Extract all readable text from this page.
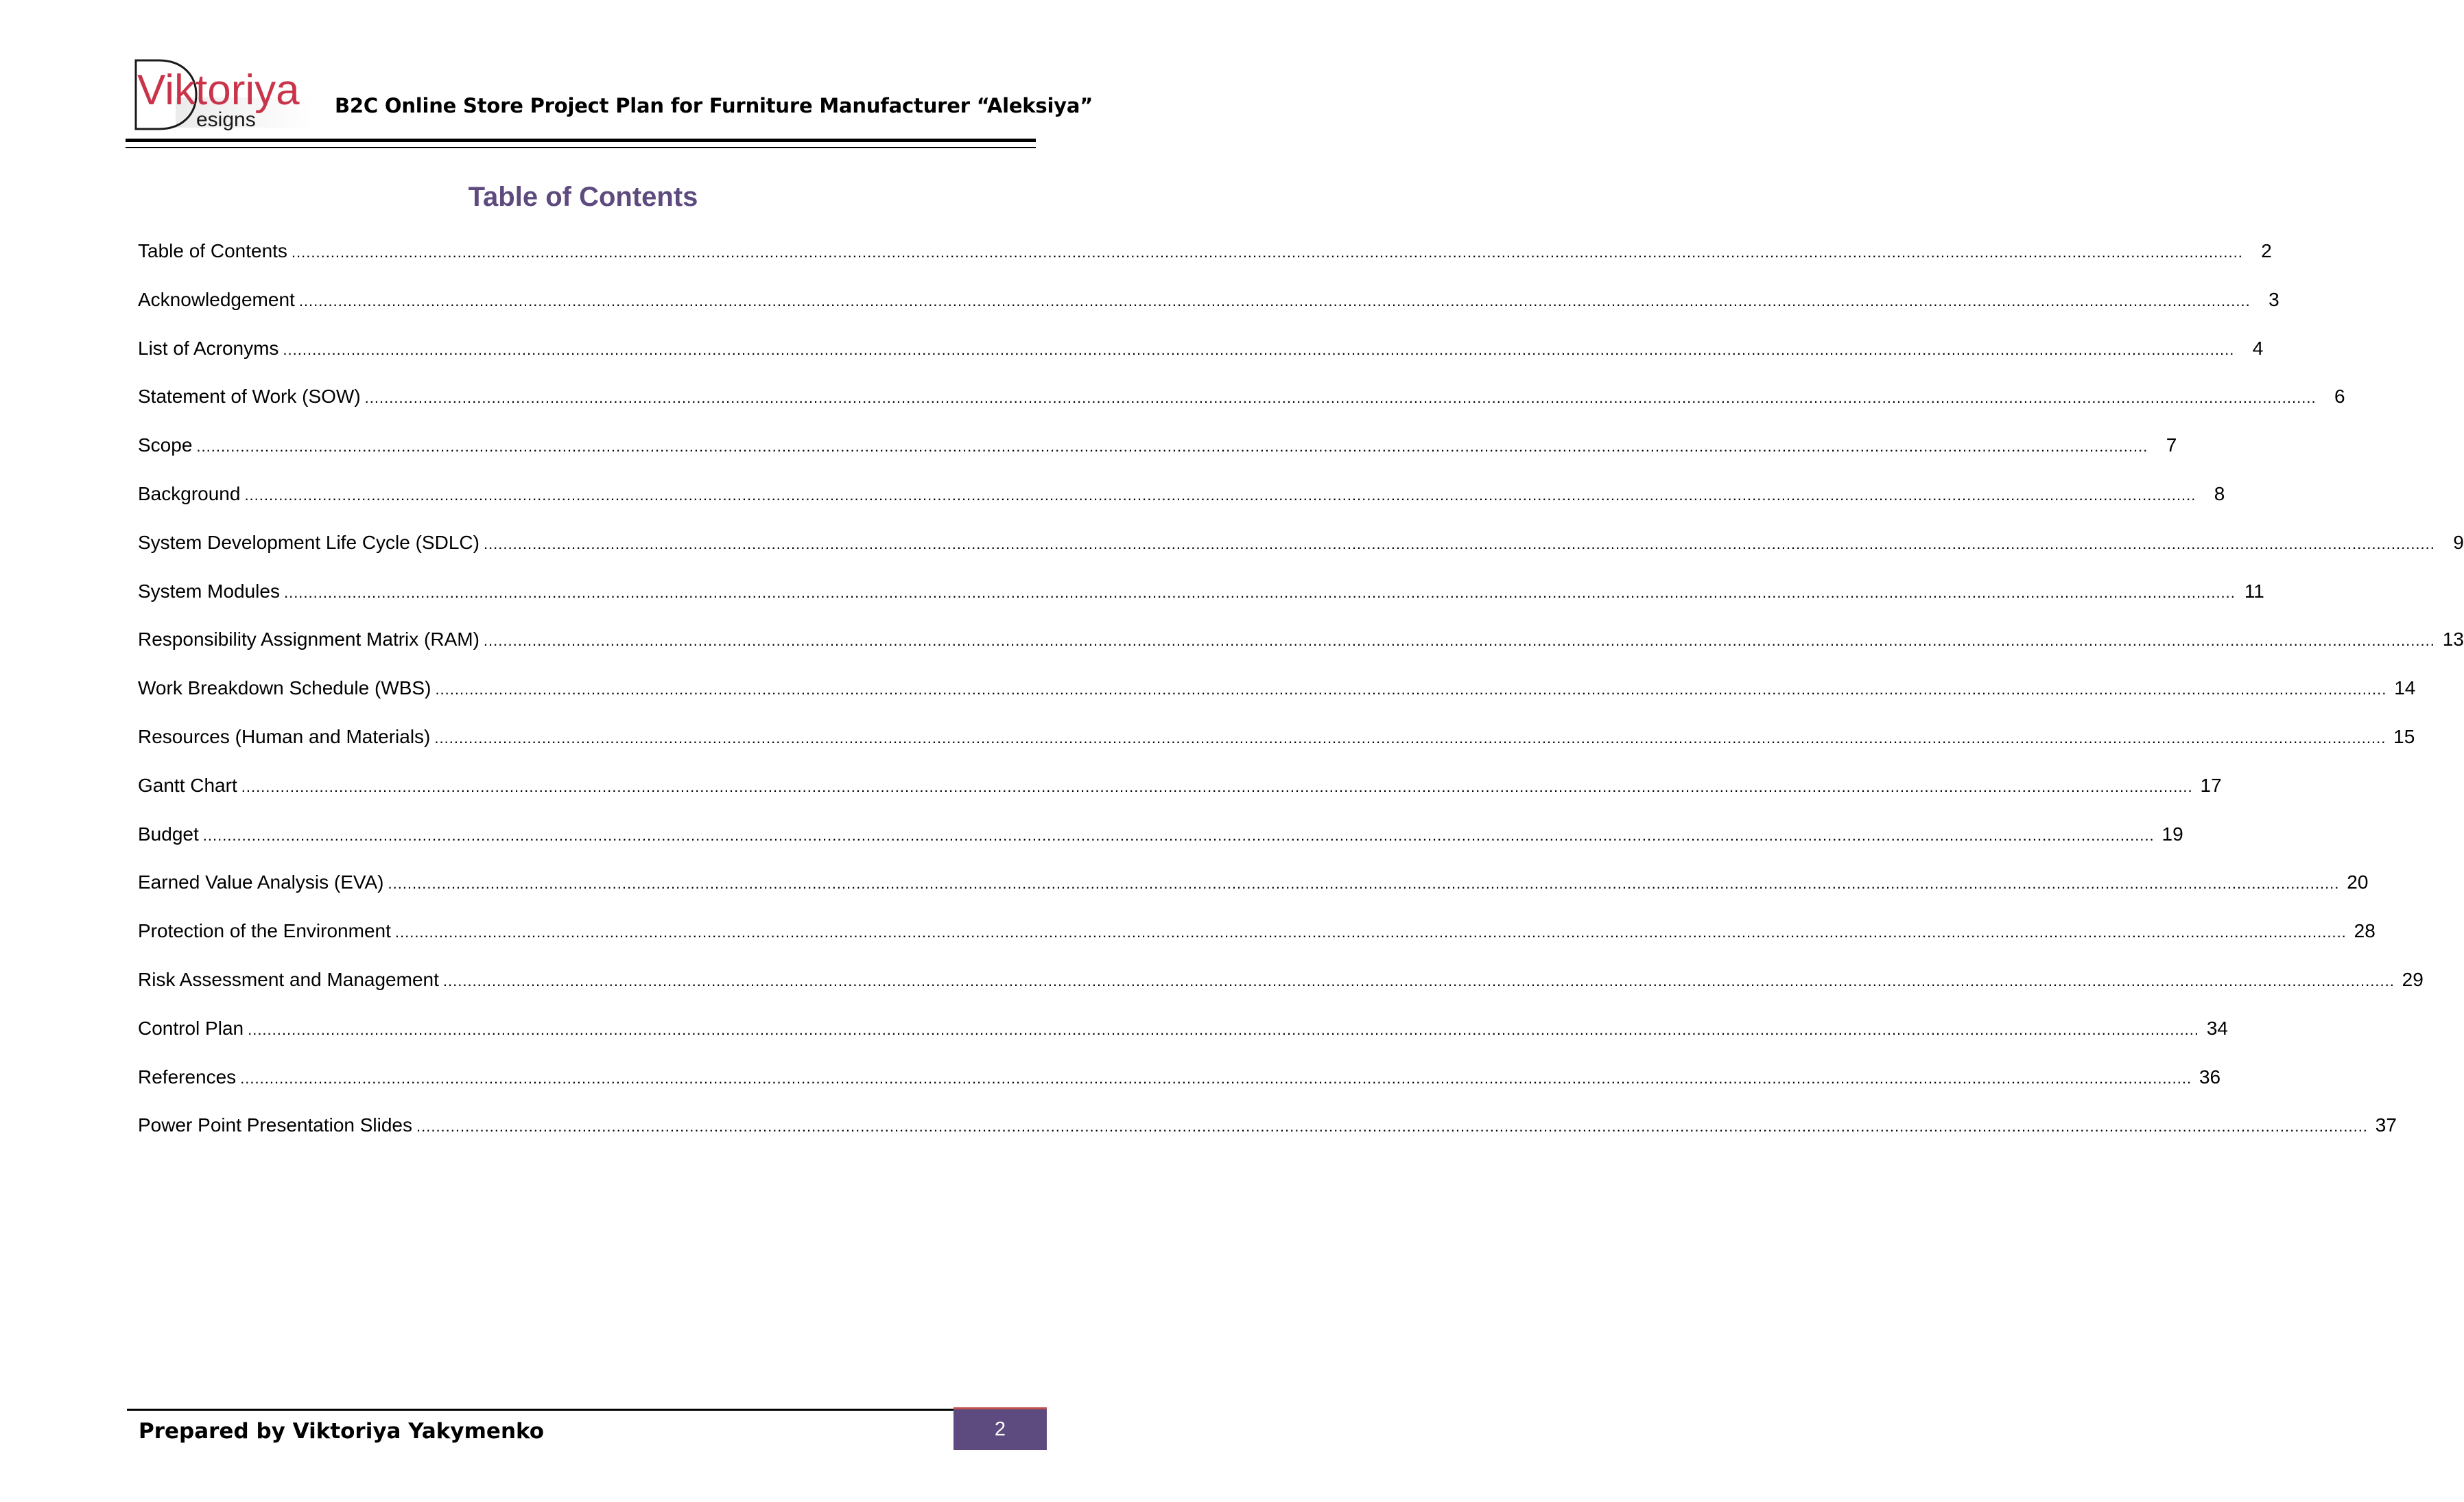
Viktoriya
esigns
B2C Online Store Project Plan for Furniture Manufacturer “Aleksiya”
Table of Contents
Table of Contents ................................................................................................................................................................................................................................................................................................................................................................................................................ 2
Acknowledgement ................................................................................................................................................................................................................................................................................................................................................................................................................ 3
List of Acronyms ................................................................................................................................................................................................................................................................................................................................................................................................................ 4
Statement of Work (SOW) ................................................................................................................................................................................................................................................................................................................................................................................................................ 6
Scope ................................................................................................................................................................................................................................................................................................................................................................................................................ 7
Background ................................................................................................................................................................................................................................................................................................................................................................................................................ 8
System Development Life Cycle (SDLC) ................................................................................................................................................................................................................................................................................................................................................................................................................ 9
System Modules ................................................................................................................................................................................................................................................................................................................................................................................................................ 11
Responsibility Assignment Matrix (RAM) ................................................................................................................................................................................................................................................................................................................................................................................................................ 13
Work Breakdown Schedule (WBS) ................................................................................................................................................................................................................................................................................................................................................................................................................ 14
Resources (Human and Materials) ................................................................................................................................................................................................................................................................................................................................................................................................................ 15
Gantt Chart ................................................................................................................................................................................................................................................................................................................................................................................................................ 17
Budget ................................................................................................................................................................................................................................................................................................................................................................................................................ 19
Earned Value Analysis (EVA) ................................................................................................................................................................................................................................................................................................................................................................................................................ 20
Protection of the Environment ................................................................................................................................................................................................................................................................................................................................................................................................................ 28
Risk Assessment and Management ................................................................................................................................................................................................................................................................................................................................................................................................................ 29
Control Plan ................................................................................................................................................................................................................................................................................................................................................................................................................ 34
References ................................................................................................................................................................................................................................................................................................................................................................................................................ 36
Power Point Presentation Slides ................................................................................................................................................................................................................................................................................................................................................................................................................ 37
Prepared by Viktoriya Yakymenko	2
